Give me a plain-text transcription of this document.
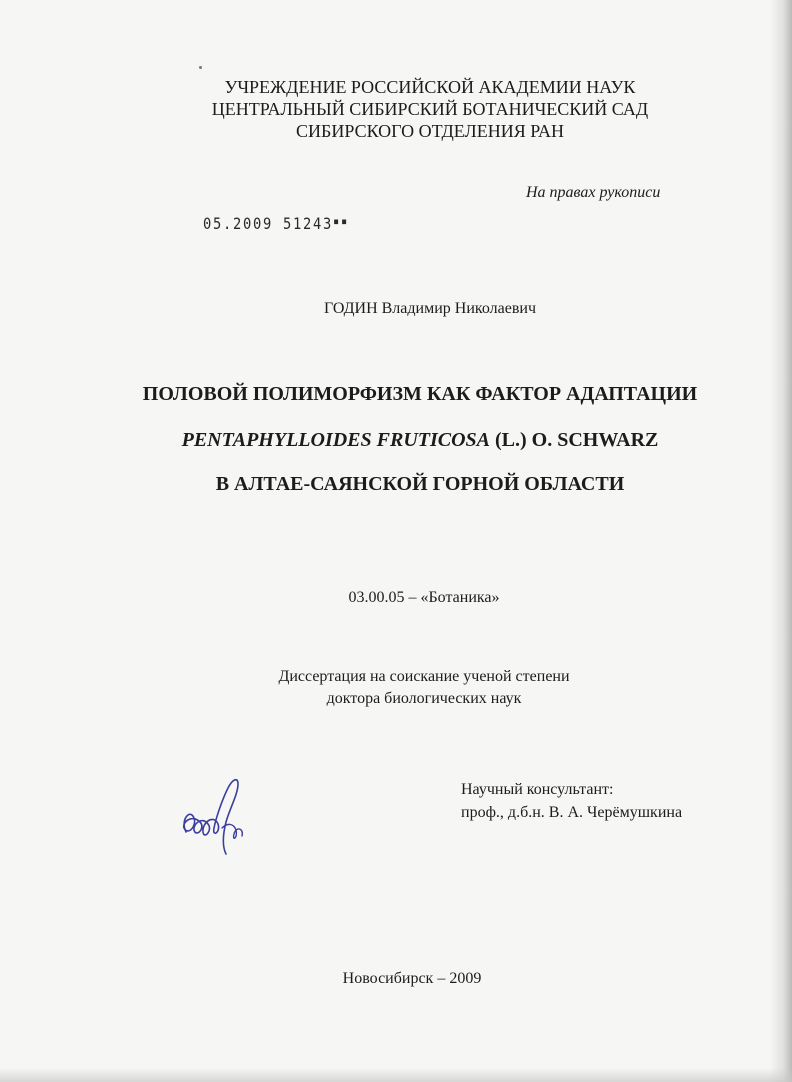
УЧРЕЖДЕНИЕ РОССИЙСКОЙ АКАДЕМИИ НАУК
ЦЕНТРАЛЬНЫЙ СИБИРСКИЙ БОТАНИЧЕСКИЙ САД
СИБИРСКОГО ОТДЕЛЕНИЯ РАН
На правах рукописи
05.2009 51243▪▪
ГОДИН Владимир Николаевич
ПОЛОВОЙ ПОЛИМОРФИЗМ КАК ФАКТОР АДАПТАЦИИ
PENTAPHYLLOIDES FRUTICOSA (L.) O. SCHWARZ
В АЛТАЕ-САЯНСКОЙ ГОРНОЙ ОБЛАСТИ
03.00.05 – «Ботаника»
Диссертация на соискание ученой степени
доктора биологических наук
Научный консультант:
проф., д.б.н. В. А. Черёмушкина
Новосибирск – 2009
